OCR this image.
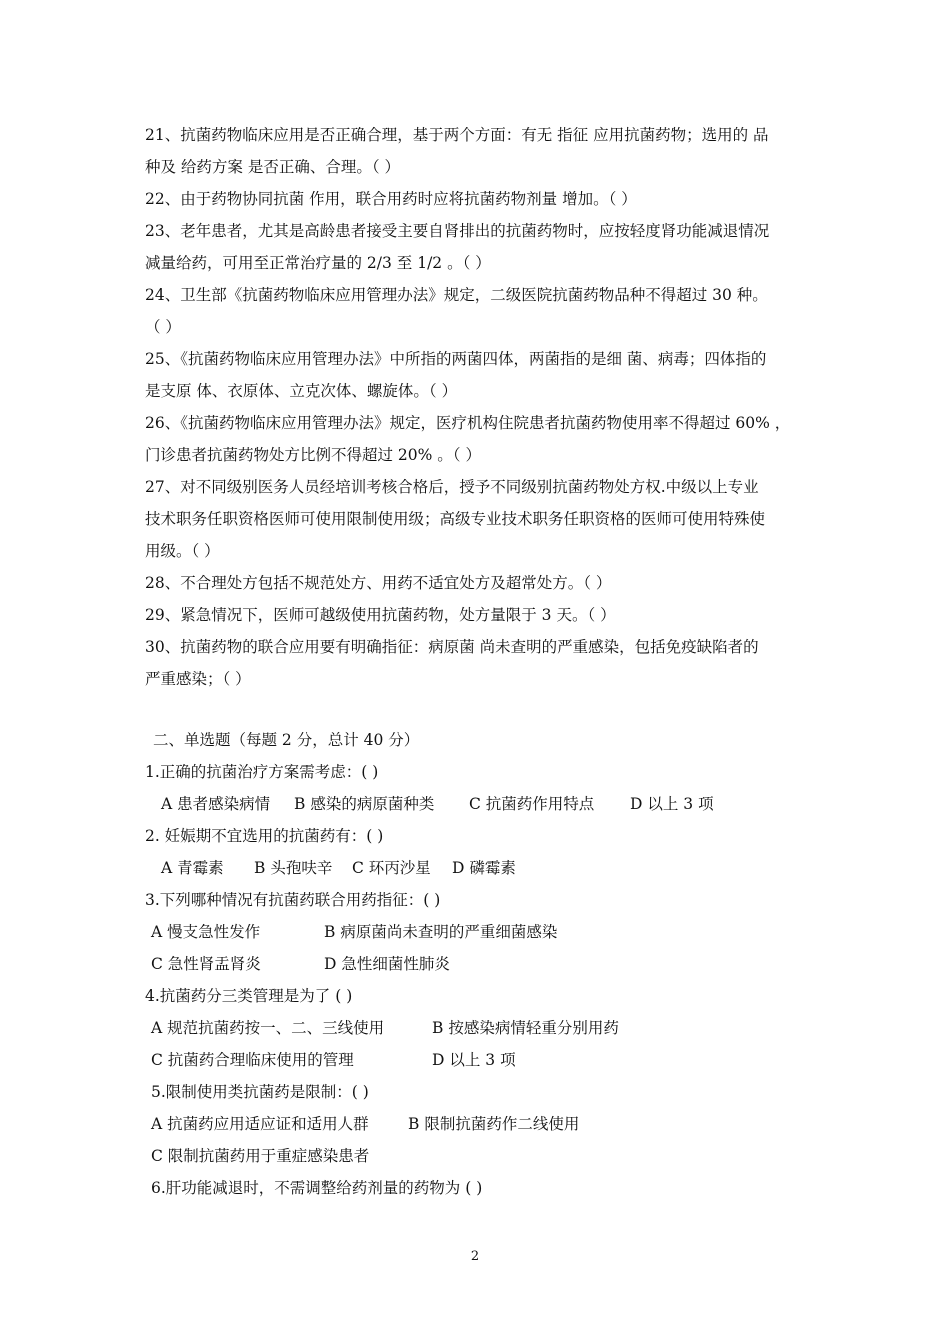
21、抗菌药物临床应用是否正确合理，基于两个方面：有无 指征 应用抗菌药物；选用的 品
种及 给药方案 是否正确、合理。（ ）
22、由于药物协同抗菌 作用，联合用药时应将抗菌药物剂量 增加。（ ）
23、老年患者，尤其是高龄患者接受主要自肾排出的抗菌药物时，应按轻度肾功能减退情况
减量给药，可用至正常治疗量的 2/3 至 1/2 。（ ）
24、卫生部《抗菌药物临床应用管理办法》规定，二级医院抗菌药物品种不得超过 30 种。
（ ）
25、《抗菌药物临床应用管理办法》中所指的两菌四体，两菌指的是细 菌、病毒；四体指的
是支原 体、衣原体、立克次体、螺旋体。（ ）
26、《抗菌药物临床应用管理办法》规定，医疗机构住院患者抗菌药物使用率不得超过 60% ，
门诊患者抗菌药物处方比例不得超过 20% 。（ ）
27、对不同级别医务人员经培训考核合格后，授予不同级别抗菌药物处方权.中级以上专业
技术职务任职资格医师可使用限制使用级；高级专业技术职务任职资格的医师可使用特殊使
用级。（ ）
28、不合理处方包括不规范处方、用药不适宜处方及超常处方。（ ）
29、紧急情况下，医师可越级使用抗菌药物，处方量限于 3 天。（ ）
30、抗菌药物的联合应用要有明确指征：病原菌 尚未查明的严重感染，包括免疫缺陷者的
严重感染；（ ）
二、单选题（每题 2 分，总计 40 分）
1.正确的抗菌治疗方案需考虑：( )
A 患者感染病情 B 感染的病原菌种类 C 抗菌药作用特点 D 以上 3 项
2. 妊娠期不宜选用的抗菌药有：( )
A 青霉素 B 头孢呋辛 C 环丙沙星 D 磷霉素
3.下列哪种情况有抗菌药联合用药指征：( )
A 慢支急性发作	B 病原菌尚未查明的严重细菌感染
C 急性肾盂肾炎	D 急性细菌性肺炎
4.抗菌药分三类管理是为了 ( )
A 规范抗菌药按一、二、三线使用	B 按感染病情轻重分别用药
C 抗菌药合理临床使用的管理	D 以上 3 项
5.限制使用类抗菌药是限制：( )
A 抗菌药应用适应证和适用人群	B 限制抗菌药作二线使用
C 限制抗菌药用于重症感染患者
6.肝功能减退时，不需调整给药剂量的药物为 ( )
2
